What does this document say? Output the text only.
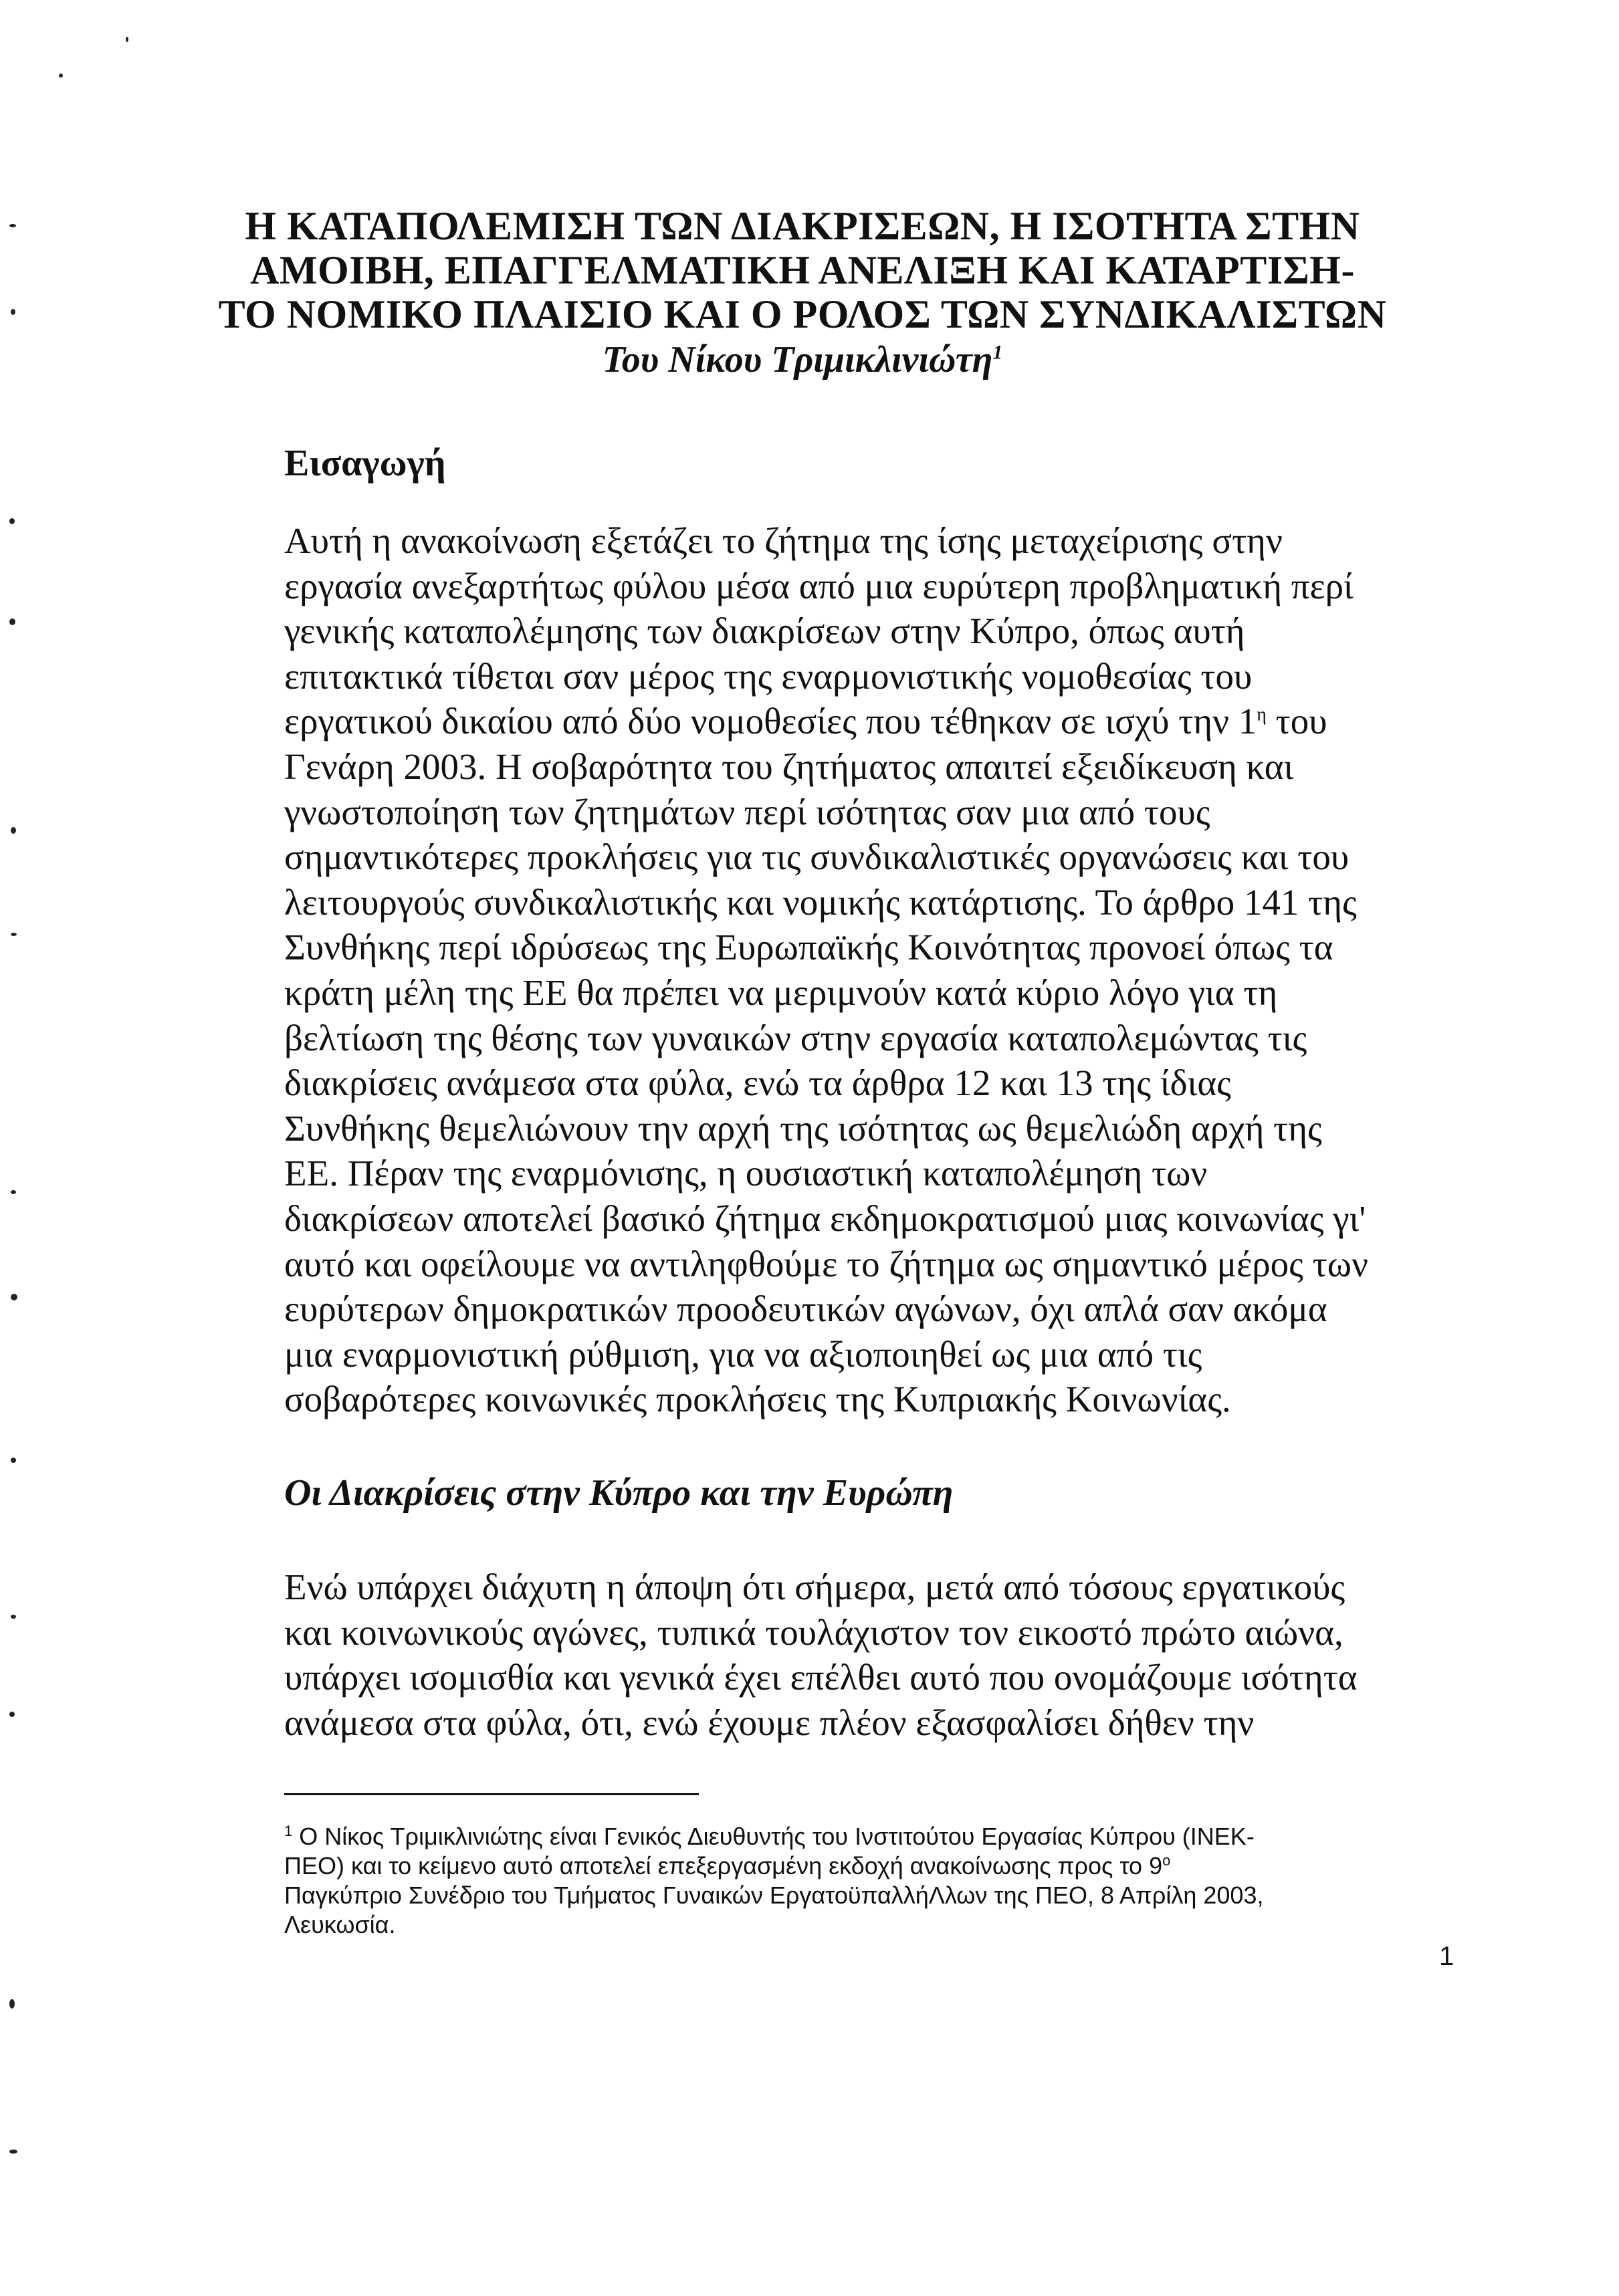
Η ΚΑΤΑΠΟΛΕΜΙΣΗ ΤΩΝ ΔΙΑΚΡΙΣΕΩΝ, Η ΙΣΟΤΗΤΑ ΣΤΗΝ

ΑΜΟΙΒΗ, ΕΠΑΓΓΕΛΜΑΤΙΚΗ ΑΝΕΛΙΞΗ ΚΑΙ ΚΑΤΑΡΤΙΣΗ-

ΤΟ ΝΟΜΙΚΟ ΠΛΑΙΣΙΟ ΚΑΙ Ο ΡΟΛΟΣ ΤΩΝ ΣΥΝΔΙΚΑΛΙΣΤΩΝ

Του Νίκου Τριμικλινιώτη$^1$
Εισαγωγή
Αυτή η ανακοίνωση εξετάζει το ζήτημα της ίσης μεταχείρισης στην
εργασία ανεξαρτήτως φύλου μέσα από μια ευρύτερη προβληματική περί
γενικής καταπολέμησης των διακρίσεων στην Κύπρο, όπως αυτή
επιτακτικά τίθεται σαν μέρος της εναρμονιστικής νομοθεσίας του
εργατικού δικαίου από δύο νομοθεσίες που τέθηκαν σε ισχύ την $1^\eta$ του
Γενάρη 2003. Η σοβαρότητα του ζητήματος απαιτεί εξειδίκευση και
γνωστοποίηση των ζητημάτων περί ισότητας σαν μια από τους
σημαντικότερες προκλήσεις για τις συνδικαλιστικές οργανώσεις και του
λειτουργούς συνδικαλιστικής και νομικής κατάρτισης. Το άρθρο 141 της
Συνθήκης περί ιδρύσεως της Ευρωπαϊκής Κοινότητας προνοεί όπως τα
κράτη μέλη της ΕΕ θα πρέπει να μεριμνούν κατά κύριο λόγο για τη
βελτίωση της θέσης των γυναικών στην εργασία καταπολεμώντας τις
διακρίσεις ανάμεσα στα φύλα, ενώ τα άρθρα 12 και 13 της ίδιας
Συνθήκης θεμελιώνουν την αρχή της ισότητας ως θεμελιώδη αρχή της
ΕΕ. Πέραν της εναρμόνισης, η ουσιαστική καταπολέμηση των
διακρίσεων αποτελεί βασικό ζήτημα εκδημοκρατισμού μιας κοινωνίας γι'
αυτό και οφείλουμε να αντιληφθούμε το ζήτημα ως σημαντικό μέρος των
ευρύτερων δημοκρατικών προοδευτικών αγώνων, όχι απλά σαν ακόμα
μια εναρμονιστική ρύθμιση, για να αξιοποιηθεί ως μια από τις
σοβαρότερες κοινωνικές προκλήσεις της Κυπριακής Κοινωνίας.
Οι Διακρίσεις στην Κύπρο και την Ευρώπη
Ενώ υπάρχει διάχυτη η άποψη ότι σήμερα, μετά από τόσους εργατικούς
και κοινωνικούς αγώνες, τυπικά τουλάχιστον τον εικοστό πρώτο αιώνα,
υπάρχει ισομισθία και γενικά έχει επέλθει αυτό που ονομάζουμε ισότητα
ανάμεσα στα φύλα, ότι, ενώ έχουμε πλέον εξασφαλίσει δήθεν την
$^1$ Ο Νίκος Τριμικλινιώτης είναι Γενικός Διευθυντής του Ινστιτούτου Εργασίας Κύπρου (ΙΝΕΚ-
ΠΕΟ) και το κείμενο αυτό αποτελεί επεξεργασμένη εκδοχή ανακοίνωσης προς το $9^o$
Παγκύπριο Συνέδριο του Τμήματος Γυναικών ΕργατοϋπαλλήΛλων της ΠΕΟ, 8 Απρίλη 2003,
Λευκωσία.
1
